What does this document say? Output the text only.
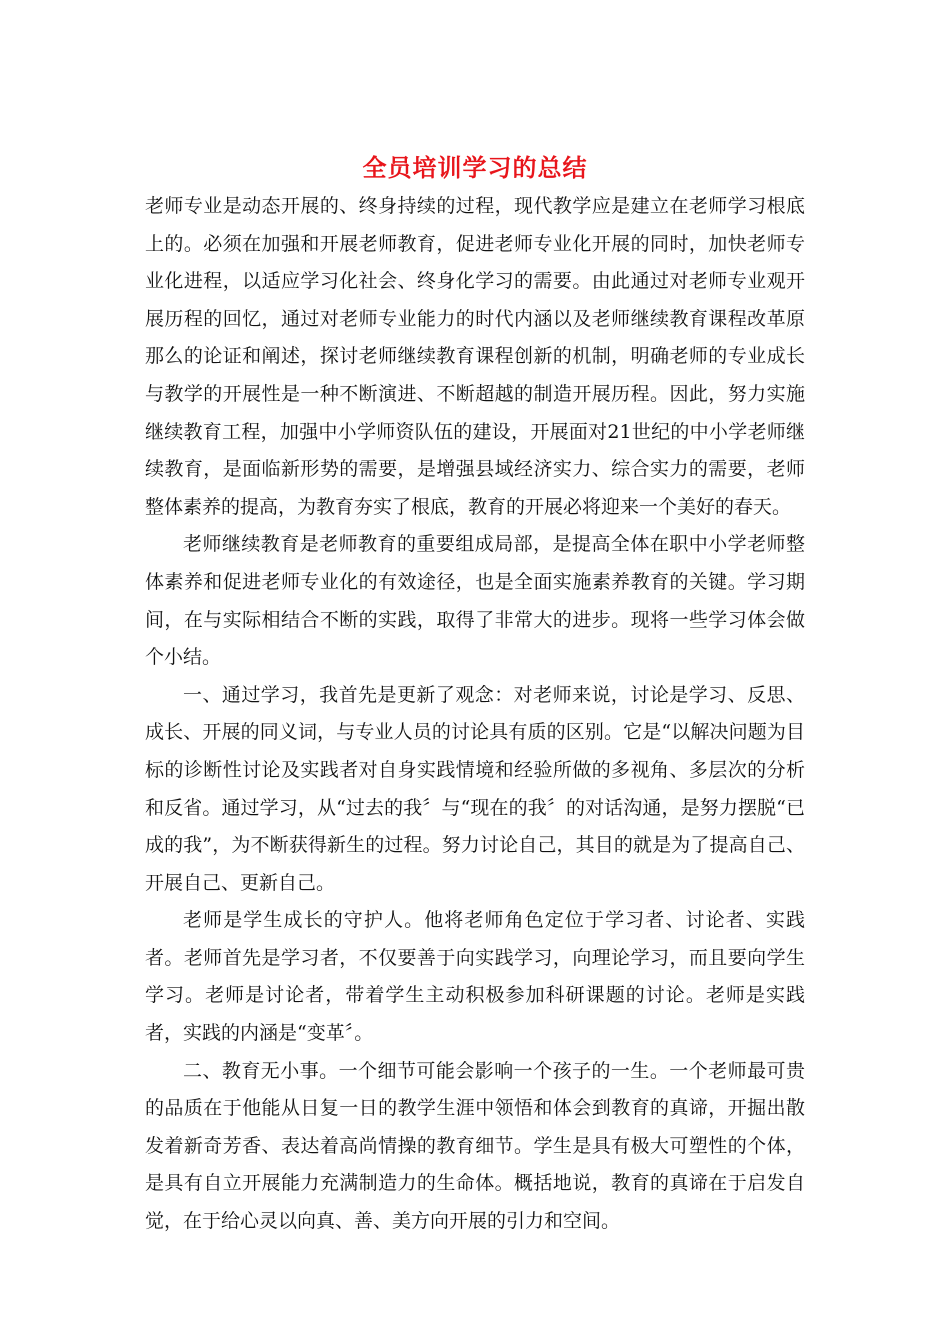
全员培训学习的总结

老师专业是动态开展的、终身持续的过程，现代教学应是建立在老师学习根底上的。必须在加强和开展老师教育，促进老师专业化开展的同时，加快老师专业化进程，以适应学习化社会、终身化学习的需要。由此通过对老师专业观开展历程的回忆，通过对老师专业能力的时代内涵以及老师继续教育课程改革原那么的论证和阐述，探讨老师继续教育课程创新的机制，明确老师的专业成长与教学的开展性是一种不断演进、不断超越的制造开展历程。因此，努力实施继续教育工程，加强中小学师资队伍的建设，开展面对21世纪的中小学老师继续教育，是面临新形势的需要，是增强县域经济实力、综合实力的需要，老师整体素养的提高，为教育夯实了根底，教育的开展必将迎来一个美好的春天。

老师继续教育是老师教育的重要组成局部，是提高全体在职中小学老师整体素养和促进老师专业化的有效途径，也是全面实施素养教育的关键。学习期间，在与实际相结合不断的实践，取得了非常大的进步。现将一些学习体会做个小结。

一、通过学习，我首先是更新了观念：对老师来说，讨论是学习、反思、成长、开展的同义词，与专业人员的讨论具有质的区别。它是“以解决问题为目标的诊断性讨论及实践者对自身实践情境和经验所做的多视角、多层次的分析和反省。通过学习，从“过去的我〞与“现在的我〞的对话沟通，是努力摆脱“已成的我”，为不断获得新生的过程。努力讨论自己，其目的就是为了提高自己、开展自己、更新自己。

老师是学生成长的守护人。他将老师角色定位于学习者、讨论者、实践者。老师首先是学习者，不仅要善于向实践学习，向理论学习，而且要向学生学习。老师是讨论者，带着学生主动积极参加科研课题的讨论。老师是实践者，实践的内涵是“变革〞。

二、教育无小事。一个细节可能会影响一个孩子的一生。一个老师最可贵的品质在于他能从日复一日的教学生涯中领悟和体会到教育的真谛，开掘出散发着新奇芳香、表达着高尚情操的教育细节。学生是具有极大可塑性的个体，是具有自立开展能力充满制造力的生命体。概括地说，教育的真谛在于启发自觉，在于给心灵以向真、善、美方向开展的引力和空间。
